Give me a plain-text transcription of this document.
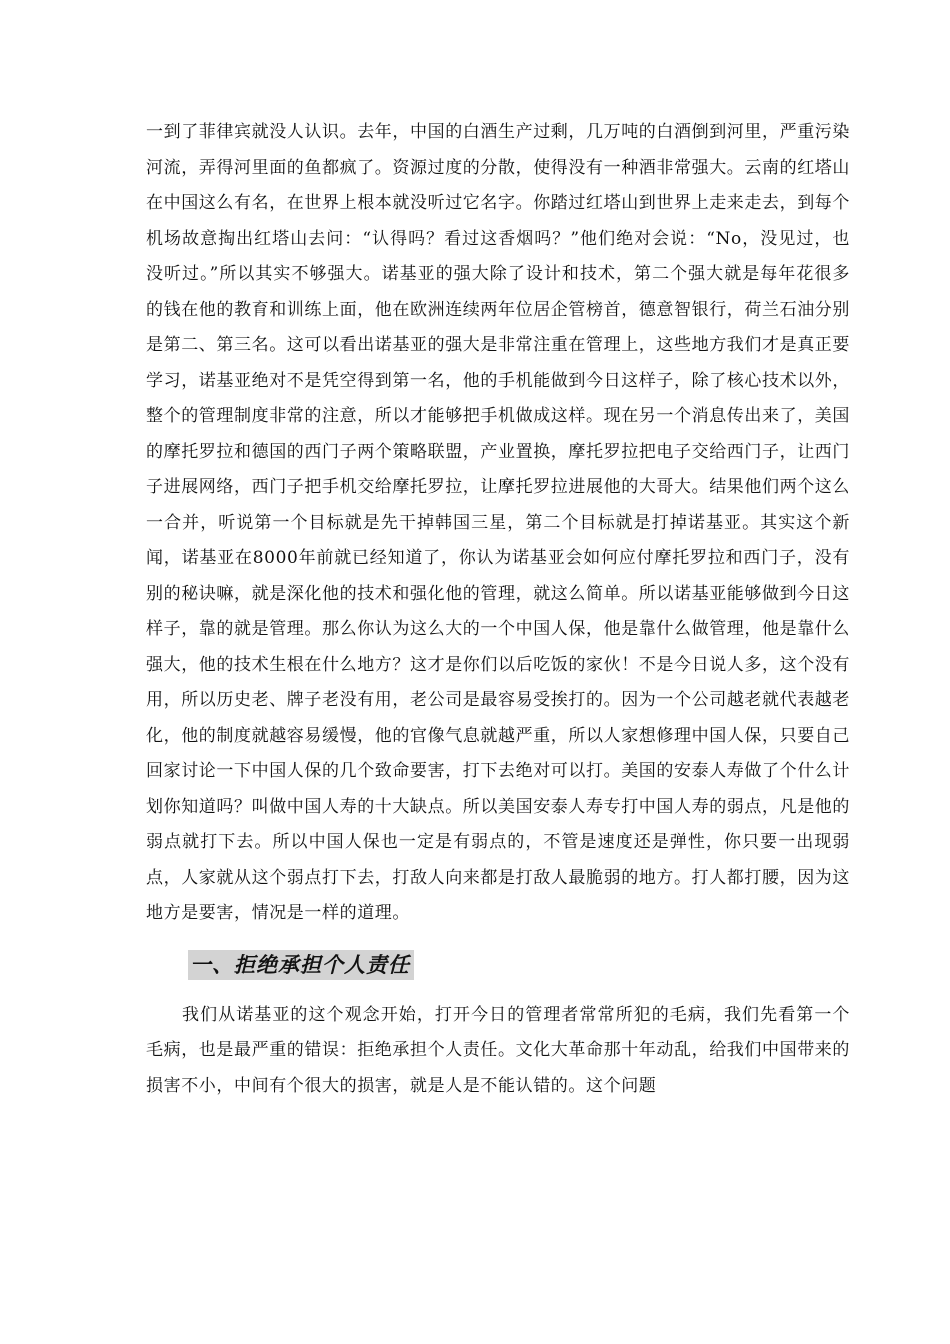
一到了菲律宾就没人认识。去年，中国的白酒生产过剩，几万吨的白酒倒到河里，严重污染河流，弄得河里面的鱼都疯了。资源过度的分散，使得没有一种酒非常强大。云南的红塔山在中国这么有名，在世界上根本就没听过它名字。你踏过红塔山到世界上走来走去，到每个机场故意掏出红塔山去问：“认得吗？看过这香烟吗？”他们绝对会说：“No，没见过，也没听过。”所以其实不够强大。诺基亚的强大除了设计和技术，第二个强大就是每年花很多的钱在他的教育和训练上面，他在欧洲连续两年位居企管榜首，德意智银行，荷兰石油分别是第二、第三名。这可以看出诺基亚的强大是非常注重在管理上，这些地方我们才是真正要学习，诺基亚绝对不是凭空得到第一名，他的手机能做到今日这样子，除了核心技术以外，整个的管理制度非常的注意，所以才能够把手机做成这样。现在另一个消息传出来了，美国的摩托罗拉和德国的西门子两个策略联盟，产业置换，摩托罗拉把电子交给西门子，让西门子进展网络，西门子把手机交给摩托罗拉，让摩托罗拉进展他的大哥大。结果他们两个这么一合并，听说第一个目标就是先干掉韩国三星，第二个目标就是打掉诺基亚。其实这个新闻，诺基亚在8000年前就已经知道了，你认为诺基亚会如何应付摩托罗拉和西门子，没有别的秘诀嘛，就是深化他的技术和强化他的管理，就这么简单。所以诺基亚能够做到今日这样子，靠的就是管理。那么你认为这么大的一个中国人保，他是靠什么做管理，他是靠什么强大，他的技术生根在什么地方？这才是你们以后吃饭的家伙！不是今日说人多，这个没有用，所以历史老、牌子老没有用，老公司是最容易受挨打的。因为一个公司越老就代表越老化，他的制度就越容易缓慢，他的官像气息就越严重，所以人家想修理中国人保，只要自己回家讨论一下中国人保的几个致命要害，打下去绝对可以打。美国的安泰人寿做了个什么计划你知道吗？叫做中国人寿的十大缺点。所以美国安泰人寿专打中国人寿的弱点，凡是他的弱点就打下去。所以中国人保也一定是有弱点的，不管是速度还是弹性，你只要一出现弱点，人家就从这个弱点打下去，打敌人向来都是打敌人最脆弱的地方。打人都打腰，因为这地方是要害，情况是一样的道理。

一、拒绝承担个人责任

我们从诺基亚的这个观念开始，打开今日的管理者常常所犯的毛病，我们先看第一个毛病，也是最严重的错误：拒绝承担个人责任。文化大革命那十年动乱，给我们中国带来的损害不小，中间有个很大的损害，就是人是不能认错的。这个问题
